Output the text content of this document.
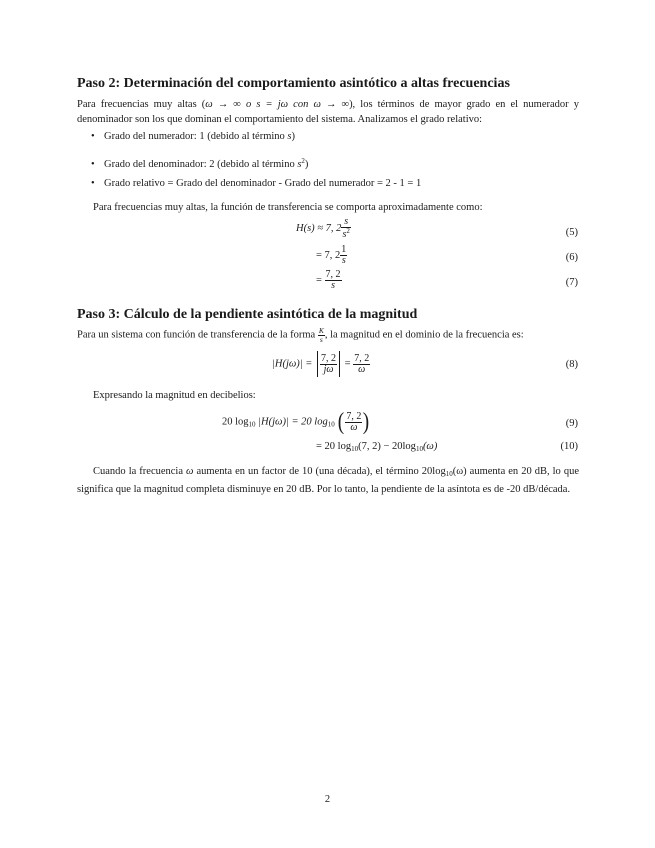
Paso 2: Determinación del comportamiento asintótico a altas frecuencias

Para frecuencias muy altas (ω → ∞ o s = jω con ω → ∞), los términos de mayor grado en el numerador y denominador son los que dominan el comportamiento del sistema. Analizamos el grado relativo:

• Grado del numerador: 1 (debido al término s)
• Grado del denominador: 2 (debido al término $s^2$)
• Grado relativo = Grado del denominador - Grado del numerador = 2 - 1 = 1

Para frecuencias muy altas, la función de transferencia se comporta aproximadamente como:

H(s) ≈ 7, $2 \frac{s}{s^2}$	(5)
= 7, $2 \frac{1}{s}$	(6)
= $\frac{7, 2}{s}$	(7)
Paso 3: Cálculo de la pendiente asintótica de la magnitud

Para un sistema con función de transferencia de la forma $\frac{K}{s}$ , la magnitud en el dominio de la frecuencia es:

$|H(j\omega)| = \frac{7, 2}{j\omega} = \frac{7, 2}{\omega}$	(8)

Expresando la magnitud en decibelios:

20 $\log_{10} |H(j\omega)| = 20$ $\log_{10}$ ( $\frac{7, 2}{\omega}$ )	(9)
= 20 $\log_{10}(7$, $2) - 20\log_{10}(\omega)$	(10)

Cuando la frecuencia ω aumenta en un factor de 10 (una década), el término $20\log_{10}(\omega)$ aumenta en 20 dB, lo que significa que la magnitud completa disminuye en 20 dB. Por lo tanto, la pendiente de la asíntota es de -20 dB/década.

2
